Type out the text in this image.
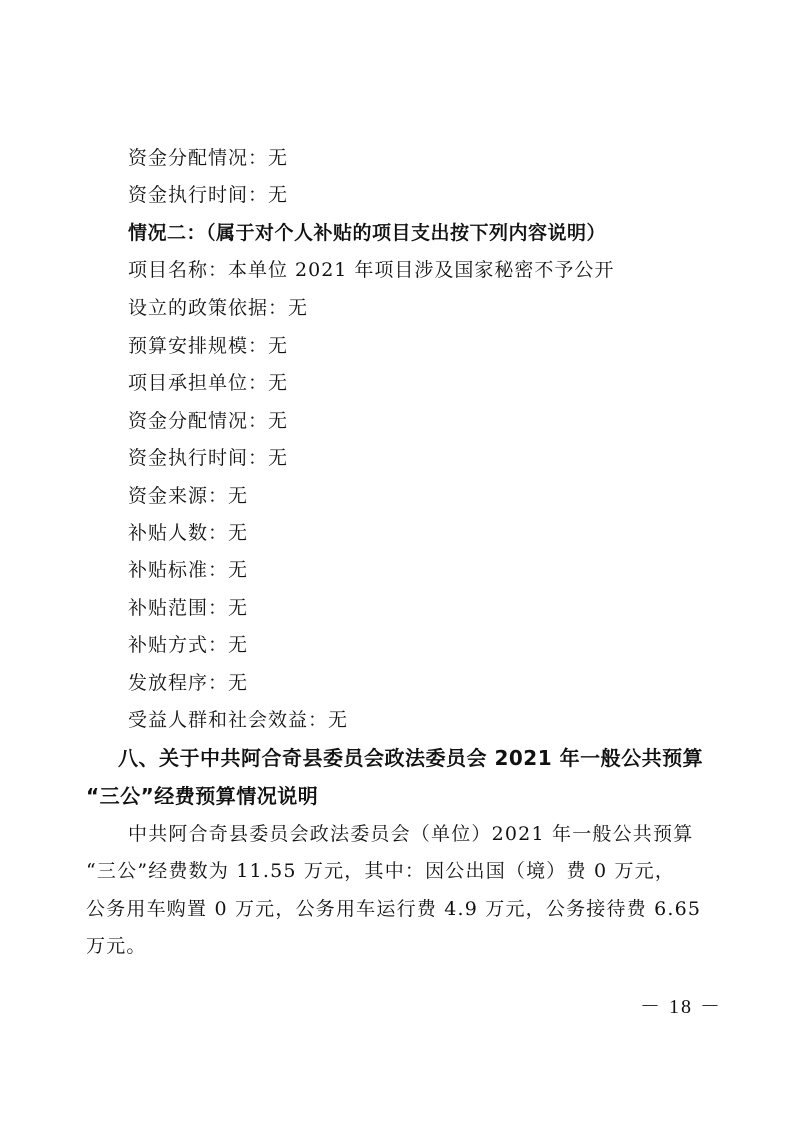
资金分配情况：无
资金执行时间：无
情况二：（属于对个人补贴的项目支出按下列内容说明）
项目名称：本单位 2021 年项目涉及国家秘密不予公开
设立的政策依据：无
预算安排规模：无
项目承担单位：无
资金分配情况：无
资金执行时间：无
资金来源：无
补贴人数：无
补贴标准：无
补贴范围：无
补贴方式：无
发放程序：无
受益人群和社会效益：无
八、关于中共阿合奇县委员会政法委员会 2021 年一般公共预算
“三公”经费预算情况说明
中共阿合奇县委员会政法委员会（单位）2021 年一般公共预算
“三公”经费数为 11.55 万元，其中：因公出国（境）费 0 万元，
公务用车购置 0 万元，公务用车运行费 4.9 万元，公务接待费 6.65
万元。
－ 18 －
